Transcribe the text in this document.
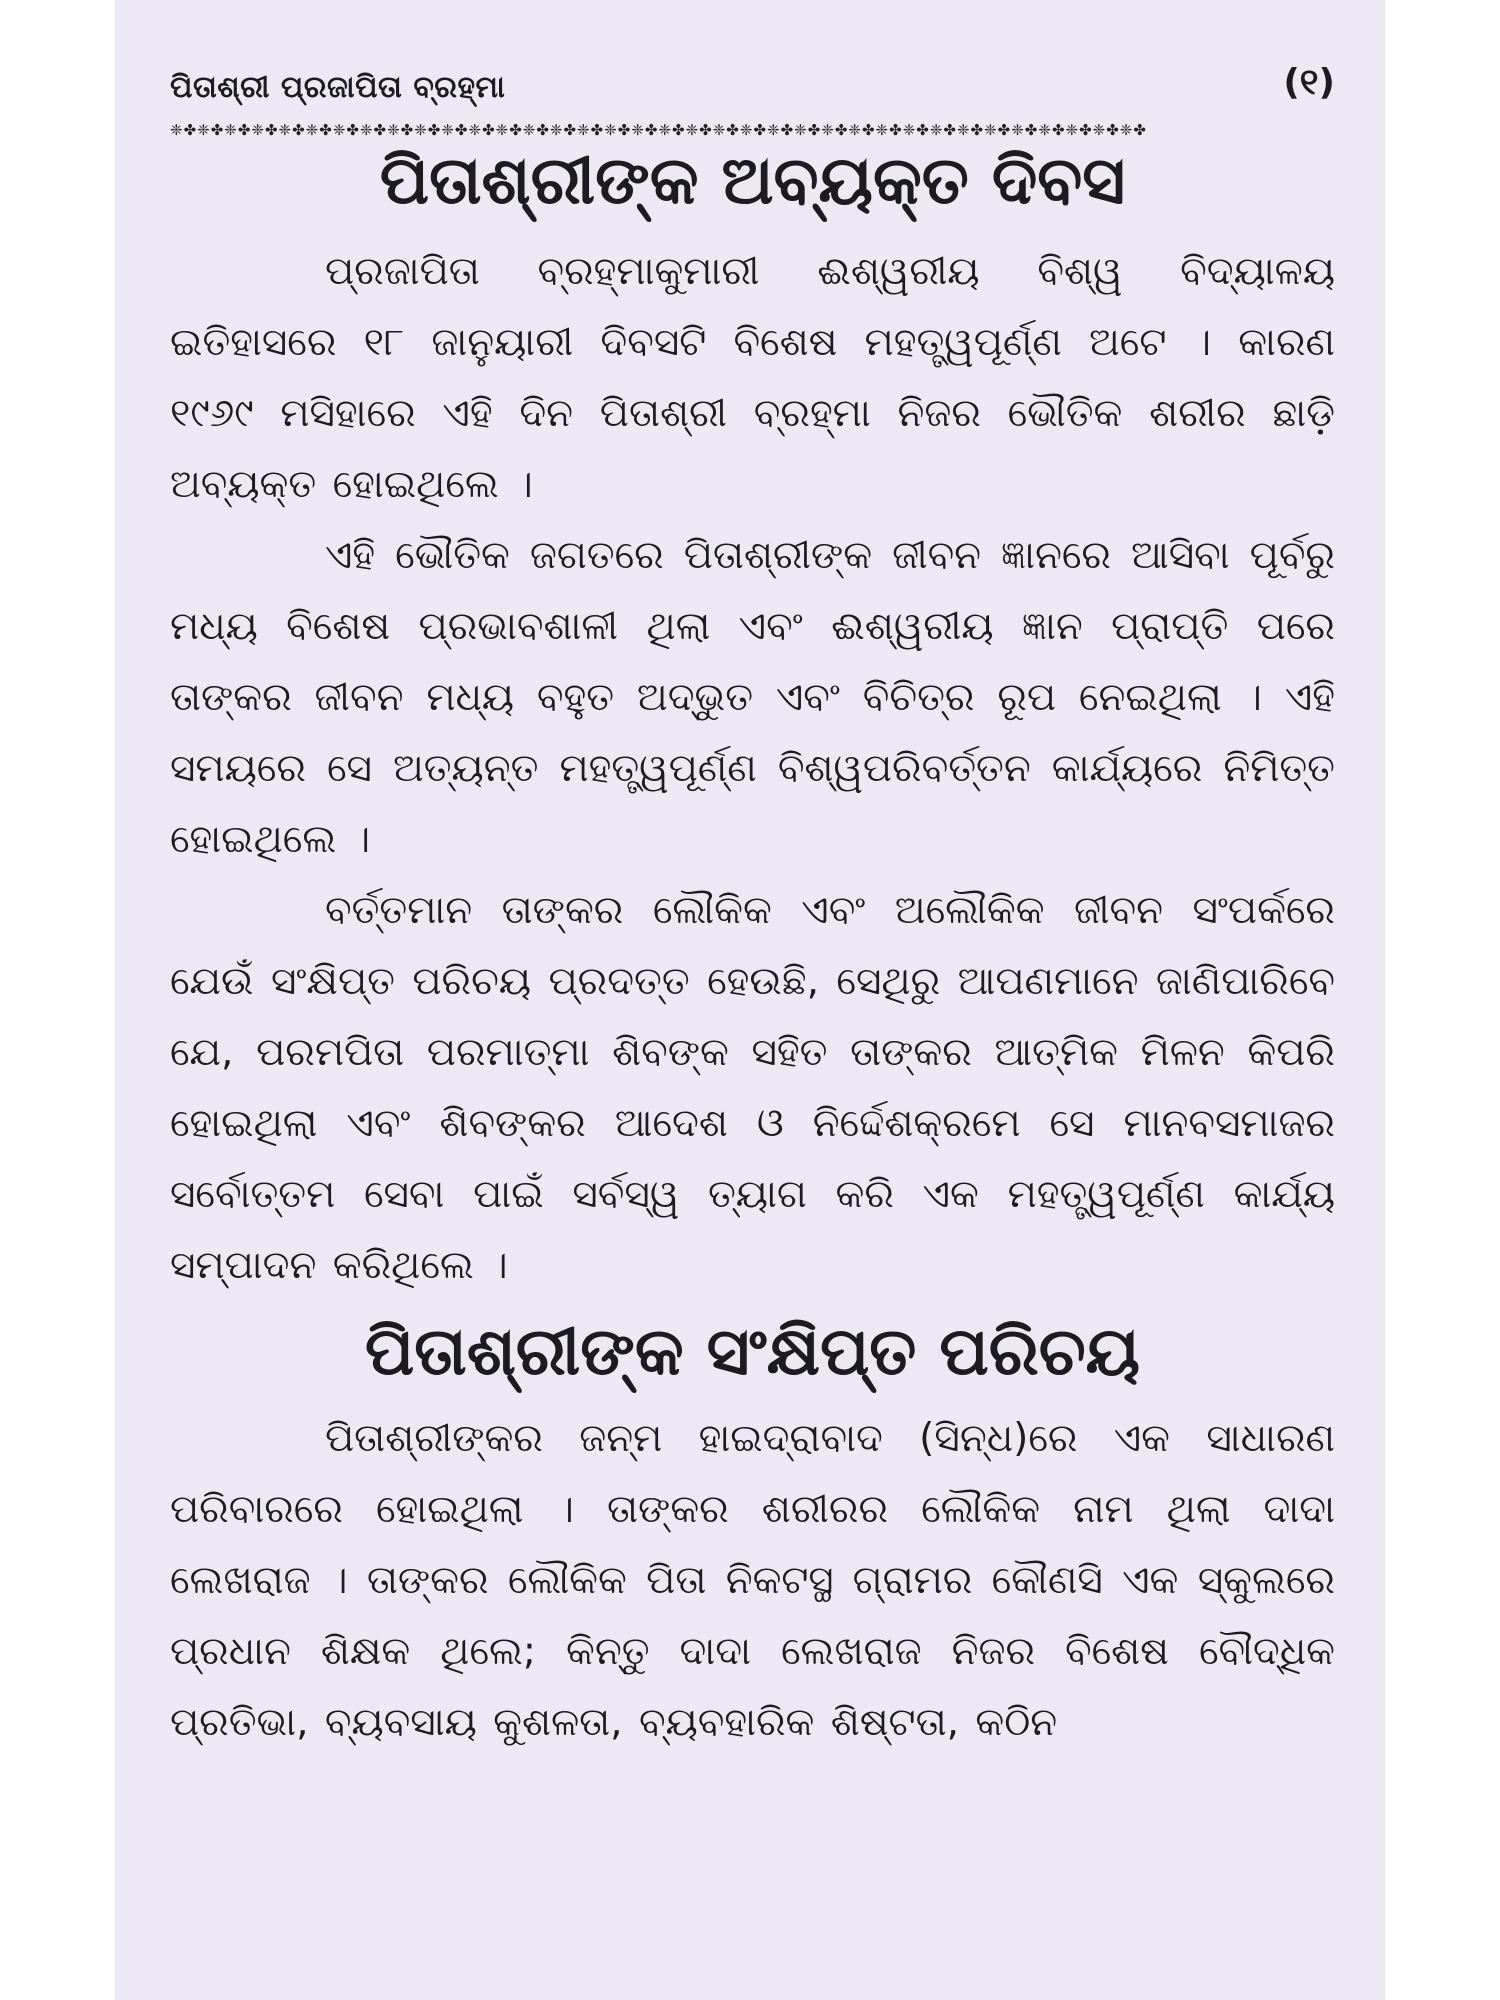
ପିତାଶ୍ରୀ ପ୍ରଜାପିତା ବ୍ରହ୍ମା	(୧)
❈✤❈✤❈✤❈✤❈✤❈✤❈✤❈✤❈✤❈✤❈✤❈✤❈✤❈✤❈✤❈✤❈✤❈✤❈✤❈✤❈✤❈✤❈✤❈✤❈✤❈✤❈✤❈✤❈✤❈✤❈✤❈✤❈✤❈✤❈✤❈✤
ପିତାଶ୍ରୀଙ୍କ ଅବ୍ୟକ୍ତ ଦିବସ

ପ୍ରଜାପିତା ବ୍ରହ୍ମାକୁମାରୀ ଈଶ୍ୱରୀୟ ବିଶ୍ୱ ବିଦ୍ୟାଳୟ ଇତିହାସରେ ୧୮ ଜାନୁୟାରୀ ଦିବସଟି ବିଶେଷ ମହତ୍ତ୍ୱପୂର୍ଣ୍ଣ ଅଟେ । କାରଣ ୧୯୬୯ ମସିହାରେ ଏହି ଦିନ ପିତାଶ୍ରୀ ବ୍ରହ୍ମା ନିଜର ଭୌତିକ ଶରୀର ଛାଡ଼ି ଅବ୍ୟକ୍ତ ହୋଇଥିଲେ ।

ଏହି ଭୌତିକ ଜଗତରେ ପିତାଶ୍ରୀଙ୍କ ଜୀବନ ଜ୍ଞାନରେ ଆସିବା ପୂର୍ବରୁ ମଧ୍ୟ ବିଶେଷ ପ୍ରଭାବଶାଳୀ ଥିଲା ଏବଂ ଈଶ୍ୱରୀୟ ଜ୍ଞାନ ପ୍ରାପ୍ତି ପରେ ତାଙ୍କର ଜୀବନ ମଧ୍ୟ ବହୁତ ଅଦ୍ଭୁତ ଏବଂ ବିଚିତ୍ର ରୂପ ନେଇଥିଲା । ଏହି ସମୟରେ ସେ ଅତ୍ୟନ୍ତ ମହତ୍ତ୍ୱପୂର୍ଣ୍ଣ ବିଶ୍ୱପରିବର୍ତ୍ତନ କାର୍ଯ୍ୟରେ ନିମିତ୍ତ ହୋଇଥିଲେ ।

ବର୍ତ୍ତମାନ ତାଙ୍କର ଲୌକିକ ଏବଂ ଅଲୌକିକ ଜୀବନ ସଂପର୍କରେ ଯେଉଁ ସଂକ୍ଷିପ୍ତ ପରିଚୟ ପ୍ରଦତ୍ତ ହେଉଛି, ସେଥିରୁ ଆପଣମାନେ ଜାଣିପାରିବେ ଯେ, ପରମପିତା ପରମାତ୍ମା ଶିବଙ୍କ ସହିତ ତାଙ୍କର ଆତ୍ମିକ ମିଳନ କିପରି ହୋଇଥିଲା ଏବଂ ଶିବଙ୍କର ଆଦେଶ ଓ ନିର୍ଦ୍ଦେଶକ୍ରମେ ସେ ମାନବସମାଜର ସର୍ବୋତ୍ତମ ସେବା ପାଇଁ ସର୍ବସ୍ୱ ତ୍ୟାଗ କରି ଏକ ମହତ୍ତ୍ୱପୂର୍ଣ୍ଣ କାର୍ଯ୍ୟ ସମ୍ପାଦନ କରିଥିଲେ ।

ପିତାଶ୍ରୀଙ୍କ ସଂକ୍ଷିପ୍ତ ପରିଚୟ

ପିତାଶ୍ରୀଙ୍କର ଜନ୍ମ ହାଇଦ୍ରାବାଦ (ସିନ୍ଧ)ରେ ଏକ ସାଧାରଣ ପରିବାରରେ ହୋଇଥିଲା । ତାଙ୍କର ଶରୀରର ଲୌକିକ ନାମ ଥିଲା ଦାଦା ଲେଖରାଜ । ତାଙ୍କର ଲୌକିକ ପିତା ନିକଟସ୍ଥ ଗ୍ରାମର କୌଣସି ଏକ ସ୍କୁଲରେ ପ୍ରଧାନ ଶିକ୍ଷକ ଥିଲେ; କିନ୍ତୁ ଦାଦା ଲେଖରାଜ ନିଜର ବିଶେଷ ବୌଦ୍ଧିକ ପ୍ରତିଭା, ବ୍ୟବସାୟ କୁଶଳତା, ବ୍ୟବହାରିକ ଶିଷ୍ଟତା, କଠିନ
